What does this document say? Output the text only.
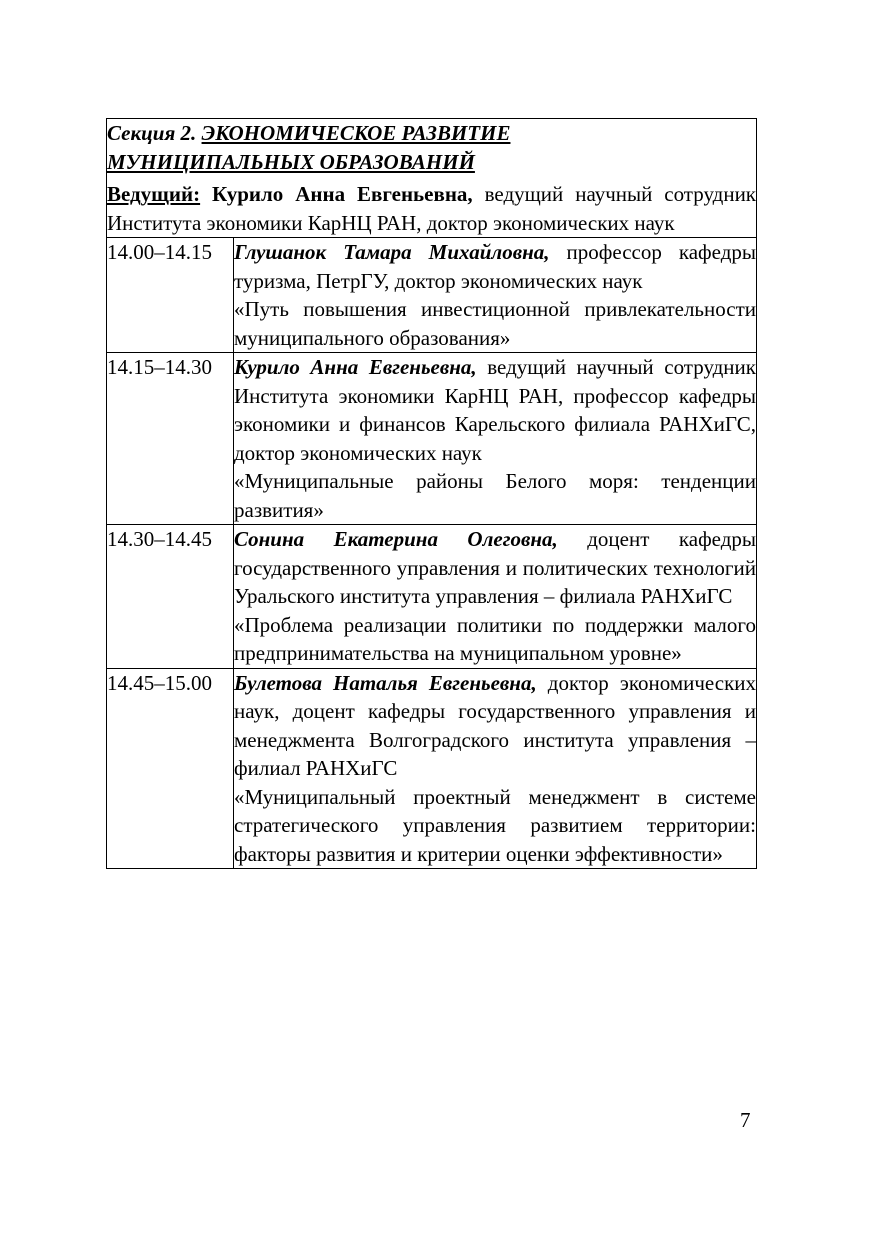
Секция 2. ЭКОНОМИЧЕСКОЕ РАЗВИТИЕ
МУНИЦИПАЛЬНЫХ ОБРАЗОВАНИЙ
Ведущий: Курило Анна Евгеньевна, ведущий научный сотрудник Института экономики КарНЦ РАН, доктор экономических наук	

14.00–14.15	Глушанок Тамара Михайловна, профессор кафедры туризма, ПетрГУ, доктор экономических наук
«Путь повышения инвестиционной привлекательности муниципального образования»

14.15–14.30	Курило Анна Евгеньевна, ведущий научный сотрудник Института экономики КарНЦ РАН, профессор кафедры экономики и финансов Карельского филиала РАНХиГС, доктор экономических наук
«Муниципальные районы Белого моря: тенденции развития»

14.30–14.45	Сонина Екатерина Олеговна, доцент кафедры государственного управления и политических технологий Уральского института управления – филиала РАНХиГС
«Проблема реализации политики по поддержки малого предпринимательства на муниципальном уровне»

14.45–15.00	Булетова Наталья Евгеньевна, доктор экономических наук, доцент кафедры государственного управления и менеджмента Волгоградского института управления – филиал РАНХиГС
«Муниципальный проектный менеджмент в системе стратегического управления развитием территории: факторы развития и критерии оценки эффективности»
7
